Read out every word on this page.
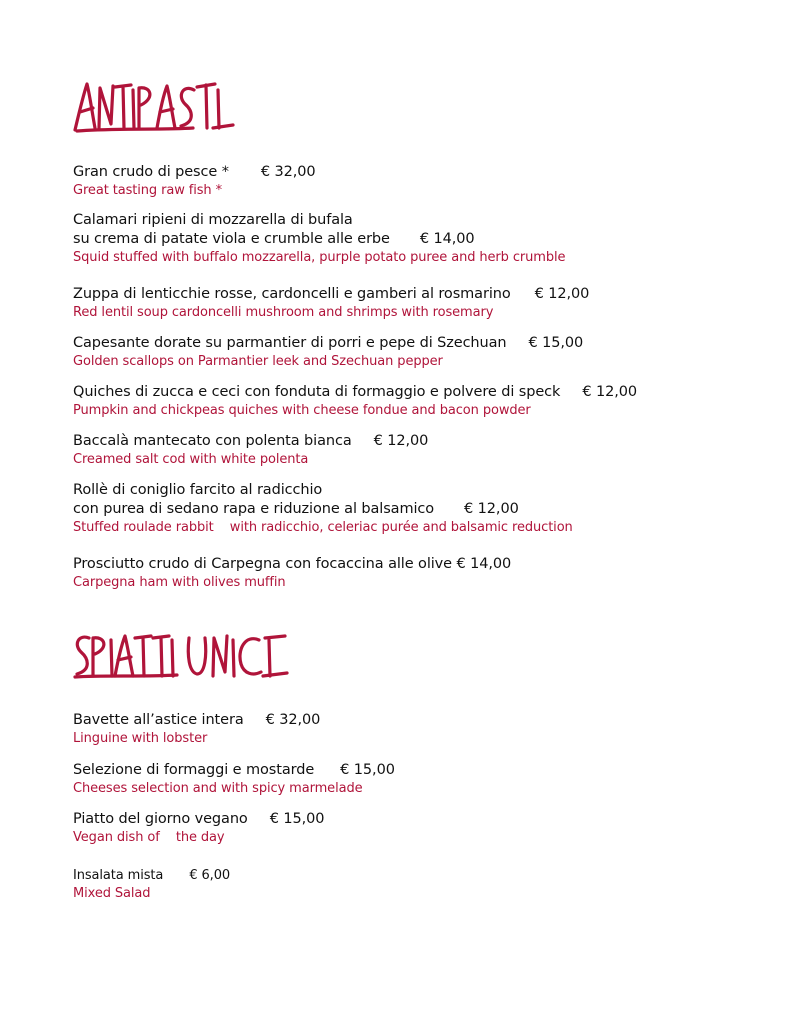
Gran crudo di pesce * € 32,00
Great tasting raw fish *
Calamari ripieni di mozzarella di bufala
su crema di patate viola e crumble alle erbe € 14,00
Squid stuffed with buffalo mozzarella, purple potato puree and herb crumble
Zuppa di lenticchie rosse, cardoncelli e gamberi al rosmarino € 12,00
Red lentil soup cardoncelli mushroom and shrimps with rosemary
Capesante dorate su parmantier di porri e pepe di Szechuan € 15,00
Golden scallops on Parmantier leek and Szechuan pepper
Quiches di zucca e ceci con fonduta di formaggio e polvere di speck € 12,00
Pumpkin and chickpeas quiches with cheese fondue and bacon powder
Baccalà mantecato con polenta bianca € 12,00
Creamed salt cod with white polenta
Rollè di coniglio farcito al radicchio
con purea di sedano rapa e riduzione al balsamico € 12,00
Stuffed roulade rabbit    with radicchio, celeriac purée and balsamic reduction
Prosciutto crudo di Carpegna con focaccina alle olive € 14,00
Carpegna ham with olives muffin
Bavette all’astice intera € 32,00
Linguine with lobster
Selezione di formaggi e mostarde € 15,00
Cheeses selection and with spicy marmelade
Piatto del giorno vegano € 15,00
Vegan dish of    the day
Insalata mista € 6,00
Mixed Salad
